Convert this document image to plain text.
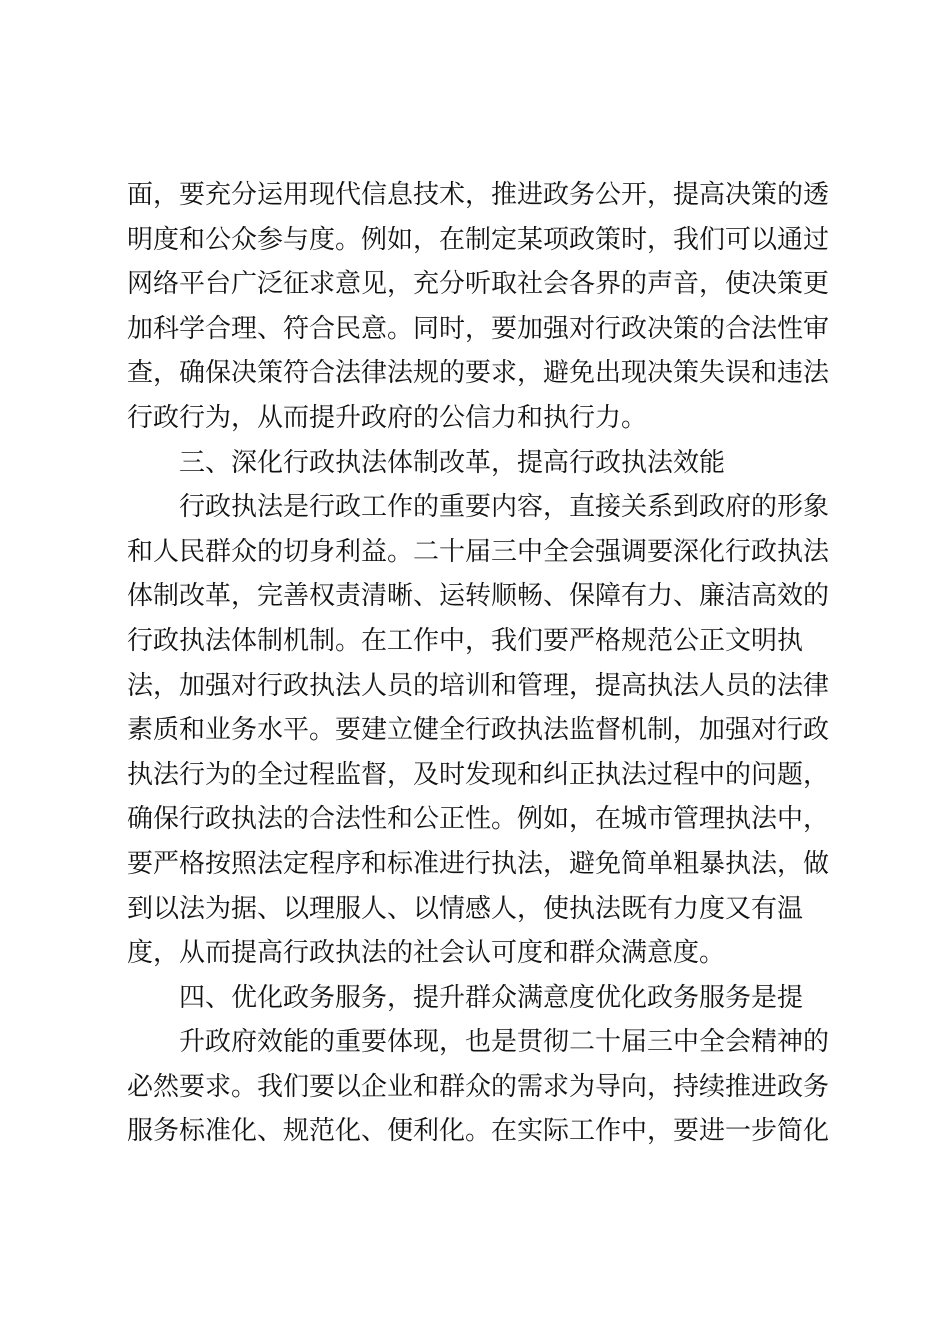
面，要充分运用现代信息技术，推进政务公开，提高决策的透
明度和公众参与度。例如，在制定某项政策时，我们可以通过
网络平台广泛征求意见，充分听取社会各界的声音，使决策更
加科学合理、符合民意。同时，要加强对行政决策的合法性审
查，确保决策符合法律法规的要求，避免出现决策失误和违法
行政行为，从而提升政府的公信力和执行力。
三、深化行政执法体制改革，提高行政执法效能
行政执法是行政工作的重要内容，直接关系到政府的形象
和人民群众的切身利益。二十届三中全会强调要深化行政执法
体制改革，完善权责清晰、运转顺畅、保障有力、廉洁高效的
行政执法体制机制。在工作中，我们要严格规范公正文明执
法，加强对行政执法人员的培训和管理，提高执法人员的法律
素质和业务水平。要建立健全行政执法监督机制，加强对行政
执法行为的全过程监督，及时发现和纠正执法过程中的问题，
确保行政执法的合法性和公正性。例如，在城市管理执法中，
要严格按照法定程序和标准进行执法，避免简单粗暴执法，做
到以法为据、以理服人、以情感人，使执法既有力度又有温
度，从而提高行政执法的社会认可度和群众满意度。
四、优化政务服务，提升群众满意度优化政务服务是提
升政府效能的重要体现，也是贯彻二十届三中全会精神的
必然要求。我们要以企业和群众的需求为导向，持续推进政务
服务标准化、规范化、便利化。在实际工作中，要进一步简化
